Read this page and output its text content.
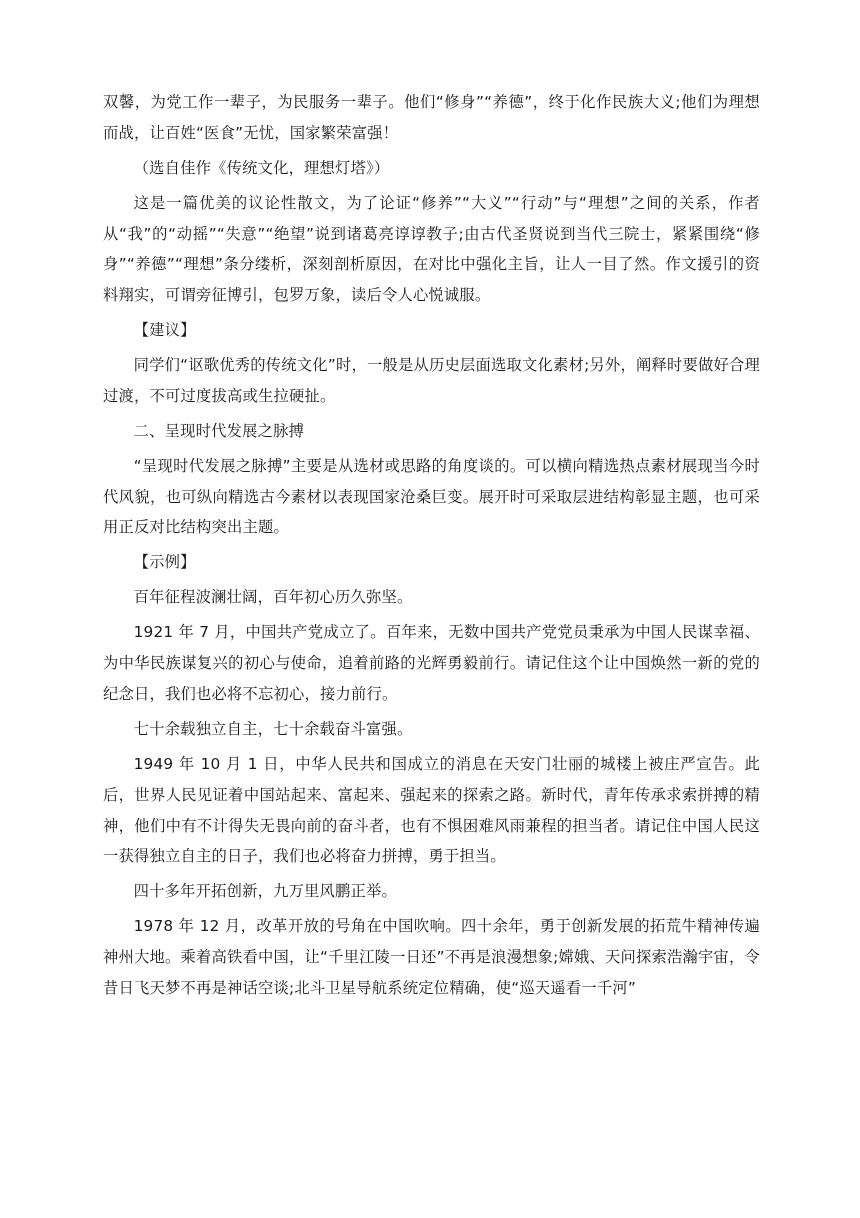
双馨，为党工作一辈子，为民服务一辈子。他们“修身”“养德”，终于化作民族大义;他们为理想而战，让百姓“医食”无忧，国家繁荣富强！

（选自佳作《传统文化，理想灯塔》）

这是一篇优美的议论性散文，为了论证“修养”“大义”“行动”与“理想”之间的关系，作者从“我”的“动摇”“失意”“绝望”说到诸葛亮谆谆教子;由古代圣贤说到当代三院士，紧紧围绕“修身”“养德”“理想”条分缕析，深刻剖析原因，在对比中强化主旨，让人一目了然。作文援引的资料翔实，可谓旁征博引，包罗万象，读后令人心悦诚服。

【建议】

同学们“讴歌优秀的传统文化”时，一般是从历史层面选取文化素材;另外，阐释时要做好合理过渡，不可过度拔高或生拉硬扯。

二、呈现时代发展之脉搏

“呈现时代发展之脉搏”主要是从选材或思路的角度谈的。可以横向精选热点素材展现当今时代风貌，也可纵向精选古今素材以表现国家沧桑巨变。展开时可采取层进结构彰显主题，也可采用正反对比结构突出主题。

【示例】

百年征程波澜壮阔，百年初心历久弥坚。

1921 年 7 月，中国共产党成立了。百年来，无数中国共产党党员秉承为中国人民谋幸福、为中华民族谋复兴的初心与使命，追着前路的光辉勇毅前行。请记住这个让中国焕然一新的党的纪念日，我们也必将不忘初心，接力前行。

七十余载独立自主，七十余载奋斗富强。

1949 年 10 月 1 日，中华人民共和国成立的消息在天安门壮丽的城楼上被庄严宣告。此后，世界人民见证着中国站起来、富起来、强起来的探索之路。新时代，青年传承求索拼搏的精神，他们中有不计得失无畏向前的奋斗者，也有不惧困难风雨兼程的担当者。请记住中国人民这一获得独立自主的日子，我们也必将奋力拼搏，勇于担当。

四十多年开拓创新，九万里风鹏正举。

1978 年 12 月，改革开放的号角在中国吹响。四十余年，勇于创新发展的拓荒牛精神传遍神州大地。乘着高铁看中国，让“千里江陵一日还”不再是浪漫想象;嫦娥、天问探索浩瀚宇宙，令昔日飞天梦不再是神话空谈;北斗卫星导航系统定位精确，使“巡天遥看一千河”
